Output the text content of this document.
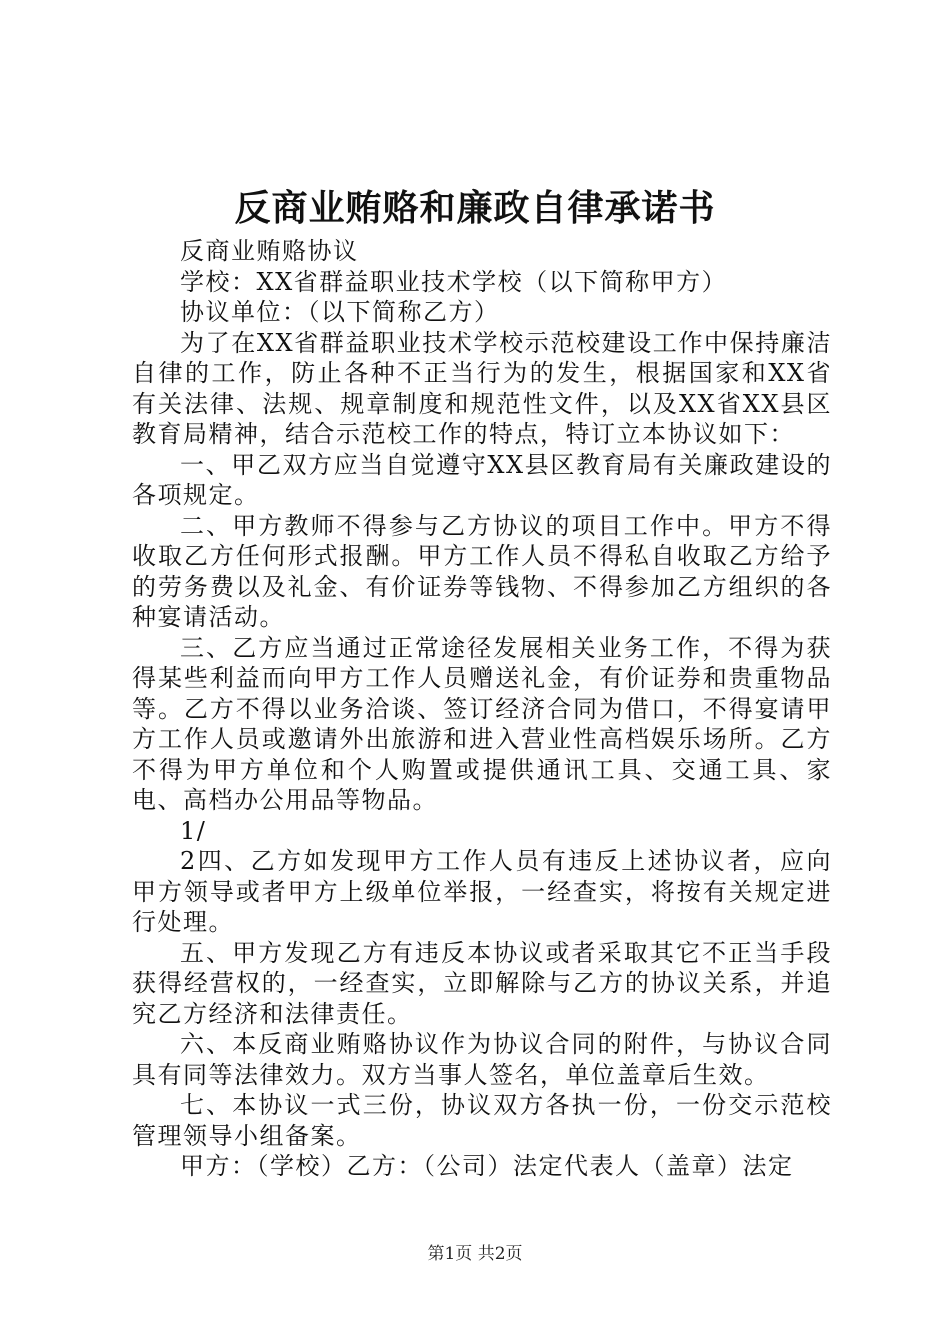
反商业贿赂和廉政自律承诺书

反商业贿赂协议

学校：XX省群益职业技术学校（以下简称甲方）

协议单位：（以下简称乙方）

为了在XX省群益职业技术学校示范校建设工作中保持廉洁自律的工作，防止各种不正当行为的发生，根据国家和XX省有关法律、法规、规章制度和规范性文件，以及XX省XX县区教育局精神，结合示范校工作的特点，特订立本协议如下：

一、甲乙双方应当自觉遵守XX县区教育局有关廉政建设的各项规定。

二、甲方教师不得参与乙方协议的项目工作中。甲方不得收取乙方任何形式报酬。甲方工作人员不得私自收取乙方给予的劳务费以及礼金、有价证券等钱物、不得参加乙方组织的各种宴请活动。

三、乙方应当通过正常途径发展相关业务工作，不得为获得某些利益而向甲方工作人员赠送礼金，有价证券和贵重物品等。乙方不得以业务洽谈、签订经济合同为借口，不得宴请甲方工作人员或邀请外出旅游和进入营业性高档娱乐场所。乙方不得为甲方单位和个人购置或提供通讯工具、交通工具、家电、高档办公用品等物品。

1/

2四、乙方如发现甲方工作人员有违反上述协议者，应向甲方领导或者甲方上级单位举报，一经查实，将按有关规定进行处理。

五、甲方发现乙方有违反本协议或者采取其它不正当手段获得经营权的，一经查实，立即解除与乙方的协议关系，并追究乙方经济和法律责任。

六、本反商业贿赂协议作为协议合同的附件，与协议合同具有同等法律效力。双方当事人签名，单位盖章后生效。

七、本协议一式三份，协议双方各执一份，一份交示范校管理领导小组备案。

甲方：（学校）乙方：（公司）法定代表人（盖章）法定

第1页 共2页
